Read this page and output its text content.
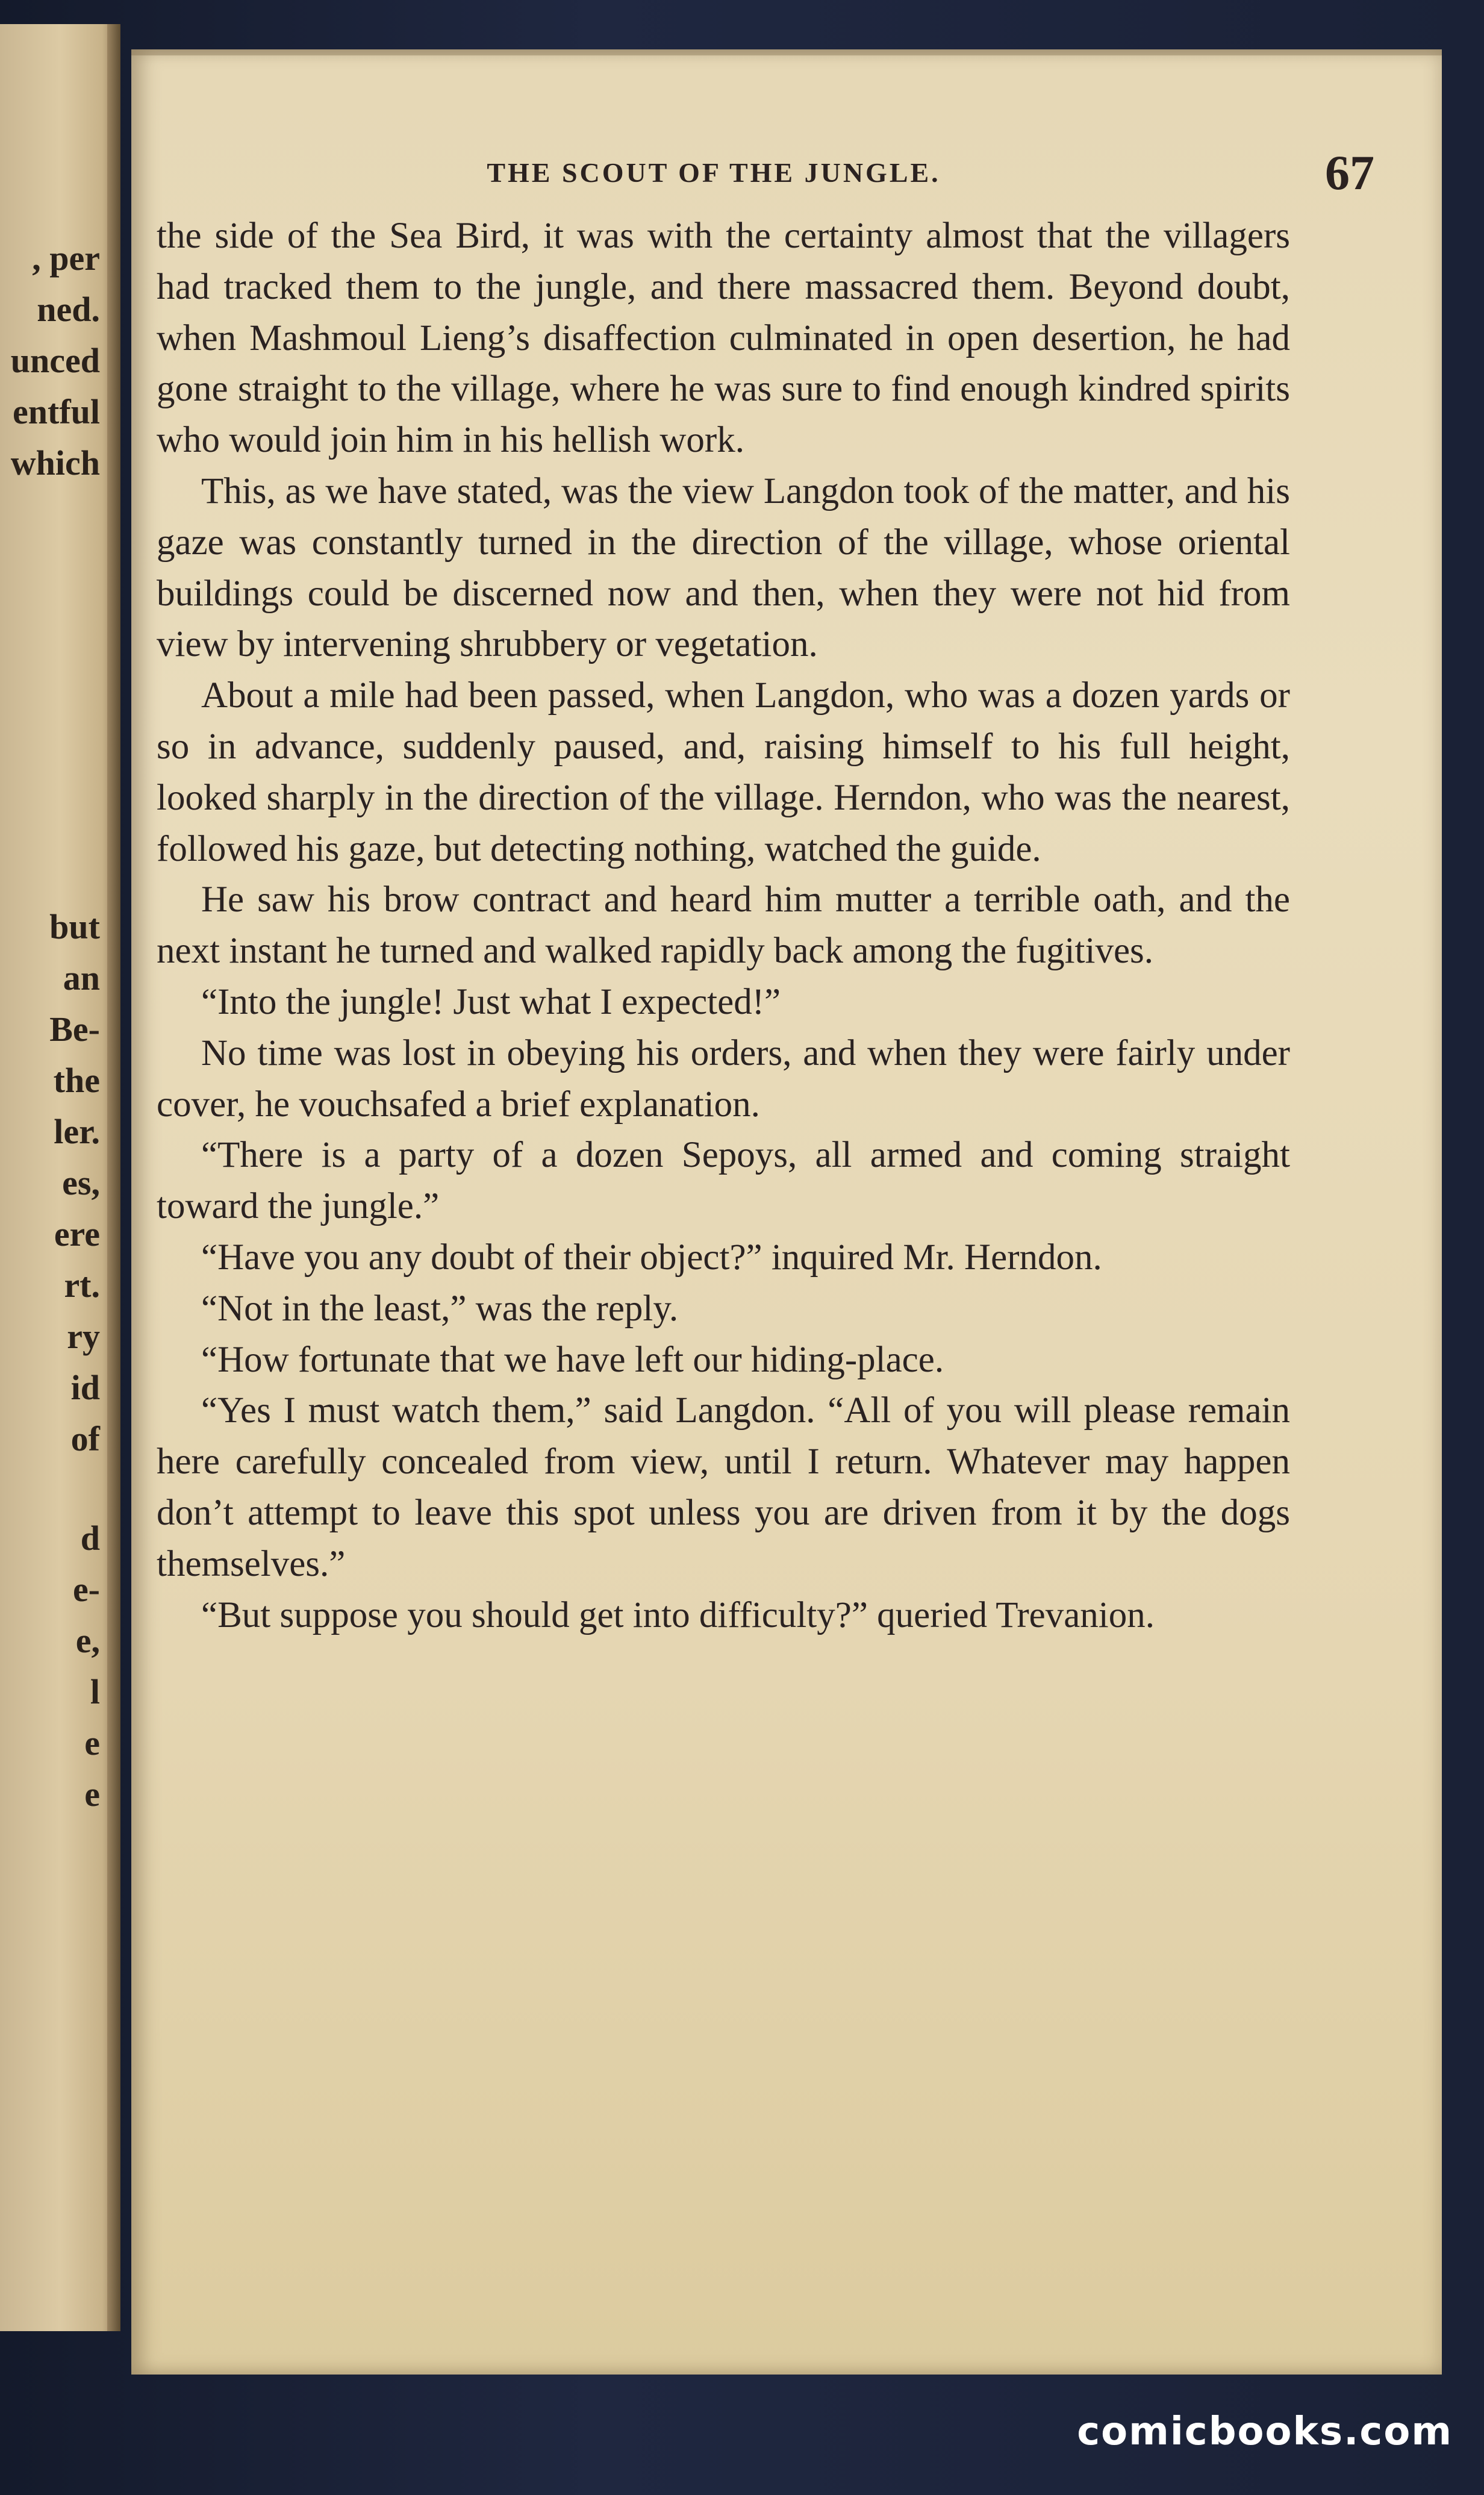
, per
ned.
unced
entful
which
but
an
Be-
the
ler.
es,
ere
rt.
ry
id
of
d
e-
e,
l
e
e
THE SCOUT OF THE JUNGLE.	67

the side of the Sea Bird, it was with the certainty almost that the villagers had tracked them to the jungle, and there massacred them. Beyond doubt, when Mashmoul Lieng’s disaffection culminated in open desertion, he had gone straight to the village, where he was sure to find enough kindred spirits who would join him in his hellish work.

This, as we have stated, was the view Langdon took of the matter, and his gaze was constantly turned in the direction of the village, whose oriental buildings could be discerned now and then, when they were not hid from view by intervening shrubbery or vegetation.

About a mile had been passed, when Langdon, who was a dozen yards or so in advance, suddenly paused, and, raising himself to his full height, looked sharply in the direction of the village. Herndon, who was the nearest, followed his gaze, but detecting nothing, watched the guide.

He saw his brow contract and heard him mutter a terrible oath, and the next instant he turned and walked rapidly back among the fugitives.

“Into the jungle! Just what I expected!”

No time was lost in obeying his orders, and when they were fairly under cover, he vouchsafed a brief explanation.

“There is a party of a dozen Sepoys, all armed and coming straight toward the jungle.”

“Have you any doubt of their object?” inquired Mr. Herndon.

“Not in the least,” was the reply.

“How fortunate that we have left our hiding-place.

“Yes I must watch them,” said Langdon. “All of you will please remain here carefully concealed from view, until I return. Whatever may happen don’t attempt to leave this spot unless you are driven from it by the dogs themselves.”

“But suppose you should get into difficulty?” queried Trevanion.

comicbooks.com
